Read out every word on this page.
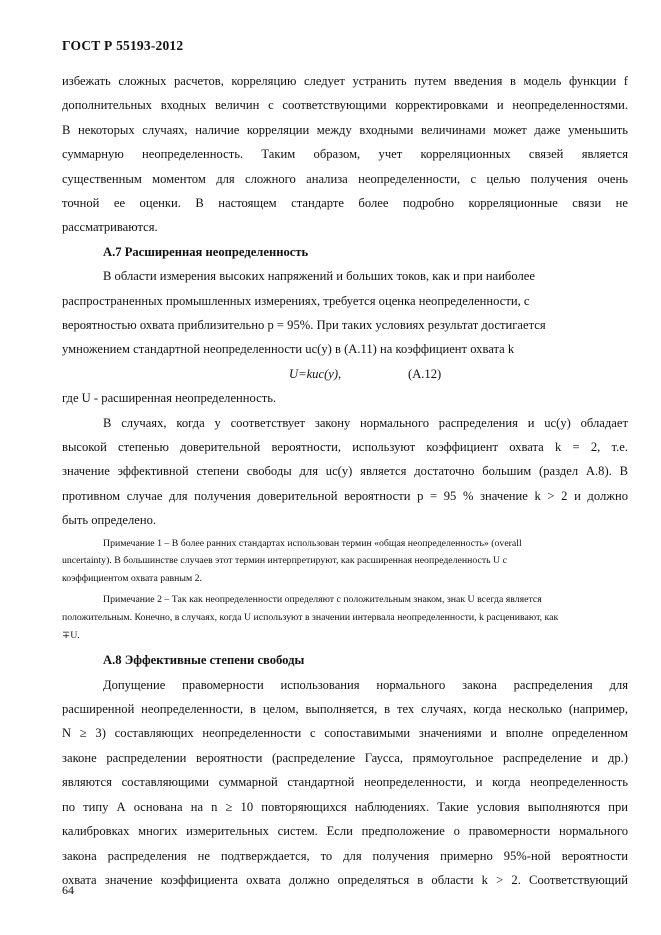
ГОСТ Р 55193-2012

избежать сложных расчетов, корреляцию следует устранить путем введения в модель функции f

дополнительных входных величин с соответствующими корректировками и неопределенностями.

В некоторых случаях, наличие корреляции между входными величинами может даже уменьшить

суммарную неопределенность. Таким образом, учет корреляционных связей является

существенным моментом для сложного анализа неопределенности, с целью получения очень

точной ее оценки. В настоящем стандарте более подробно корреляционные связи не

рассматриваются.

А.7 Расширенная неопределенность

В области измерения высоких напряжений и больших токов, как и при наиболее

распространенных промышленных измерениях, требуется оценка неопределенности, с

вероятностью охвата приблизительно p = 95%. При таких условиях результат достигается

умножением стандартной неопределенности uc(y) в (А.11) на коэффициент охвата k

U=kuc(y),	(А.12)

где U - расширенная неопределенность.

В случаях, когда y соответствует закону нормального распределения и uc(y) обладает

высокой степенью доверительной вероятности, используют коэффициент охвата k = 2, т.е.

значение эффективной степени свободы для uc(y) является достаточно большим (раздел А.8). В

противном случае для получения доверительной вероятности p = 95 % значение k > 2 и должно

быть определено.

Примечание 1 – В более ранних стандартах использован термин «общая неопределенность» (overall

uncertainty). В большинстве случаев этот термин интерпретируют, как расширенная неопределенность U с

коэффициентом охвата равным 2.

Примечание 2 – Так как неопределенности определяют с положительным знаком, знак U всегда является

положительным. Конечно, в случаях, когда U используют в значении интервала неопределенности, k расценивают, как

∓U.

А.8 Эффективные степени свободы

Допущение правомерности использования нормального закона распределения для

расширенной неопределенности, в целом, выполняется, в тех случаях, когда несколько (например,

N ≥ 3) составляющих неопределенности с сопоставимыми значениями и вполне определенном

законе распределении вероятности (распределение Гаусса, прямоугольное распределение и др.)

являются составляющими суммарной стандартной неопределенности, и когда неопределенность

по типу А основана на n ≥ 10 повторяющихся наблюдениях. Такие условия выполняются при

калибровках многих измерительных систем. Если предположение о правомерности нормального

закона распределения не подтверждается, то для получения примерно 95%-ной вероятности

охвата значение коэффициента охвата должно определяться в области k > 2. Соответствующий

64
